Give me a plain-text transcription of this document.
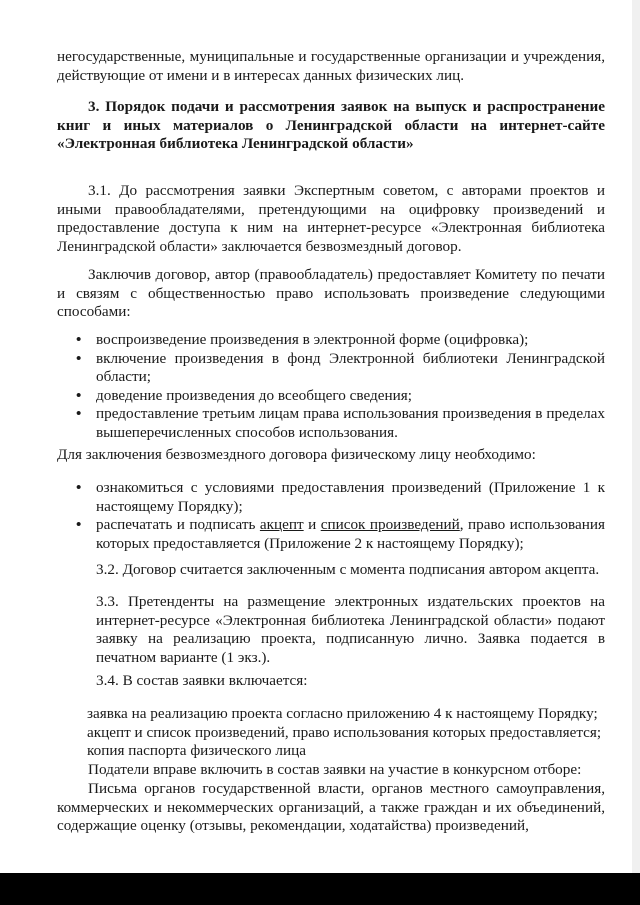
негосударственные, муниципальные и государственные организации и учреждения, действующие от имени и в интересах данных физических лиц.
3. Порядок подачи и рассмотрения заявок на выпуск и распространение книг и иных материалов о Ленинградской области на интернет-сайте «Электронная библиотека Ленинградской области»
3.1. До рассмотрения заявки Экспертным советом, с авторами проектов и иными правообладателями, претендующими на оцифровку произведений и предоставление доступа к ним на интернет-ресурсе «Электронная библиотека Ленинградской области» заключается безвозмездный договор.
Заключив договор, автор (правообладатель) предоставляет Комитету по печати и связям с общественностью право использовать произведение следующими способами:
• воспроизведение произведения в электронной форме (оцифровка);
• включение произведения в фонд Электронной библиотеки Ленинградской области;
• доведение произведения до всеобщего сведения;
• предоставление третьим лицам права использования произведения в пределах вышеперечисленных способов использования.
Для заключения безвозмездного договора физическому лицу необходимо:
• ознакомиться с условиями предоставления произведений (Приложение 1 к настоящему Порядку);
• распечатать и подписать акцепт и список произведений, право использования которых предоставляется (Приложение 2 к настоящему Порядку);
3.2. Договор считается заключенным с момента подписания автором акцепта.
3.3. Претенденты на размещение электронных издательских проектов на интернет-ресурсе «Электронная библиотека Ленинградской области» подают заявку на реализацию проекта, подписанную лично. Заявка подается в печатном варианте (1 экз.).
3.4. В состав заявки включается:
заявка на реализацию проекта согласно приложению 4 к настоящему Порядку;
акцепт и список произведений, право использования которых предоставляется;
копия паспорта физического лица
Податели вправе включить в состав заявки на участие в конкурсном отборе:
Письма органов государственной власти, органов местного самоуправления, коммерческих и некоммерческих организаций, а также граждан и их объединений, содержащие оценку (отзывы, рекомендации, ходатайства) произведений,
